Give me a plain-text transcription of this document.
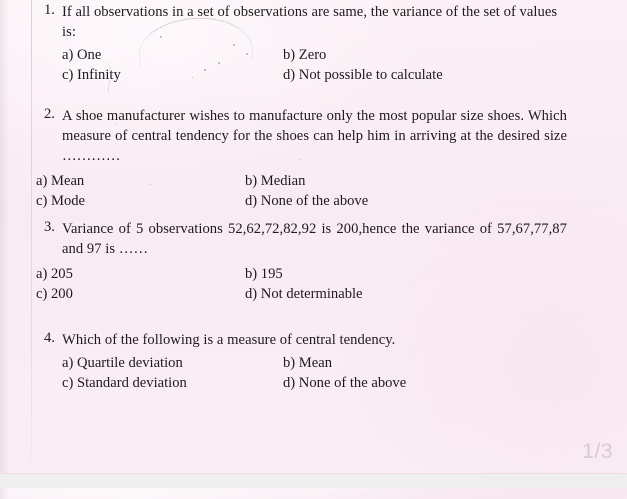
1. If all observations in a set of observations are same, the variance of the set of values is:

a) One	b) Zero
c) Infinity	d) Not possible to calculate
2. A shoe manufacturer wishes to manufacture only the most popular size shoes. Which measure of central tendency for the shoes can help him in arriving at the desired size …………

a) Mean	b) Median
c) Mode	d) None of the above
3. Variance of 5 observations 52,62,72,82,92 is 200,hence the variance of 57,67,77,87 and 97 is ……

a) 205	b) 195
c) 200	d) Not determinable
4. Which of the following is a measure of central tendency.

a) Quartile deviation	b) Mean
c) Standard deviation	d) None of the above
1/3
